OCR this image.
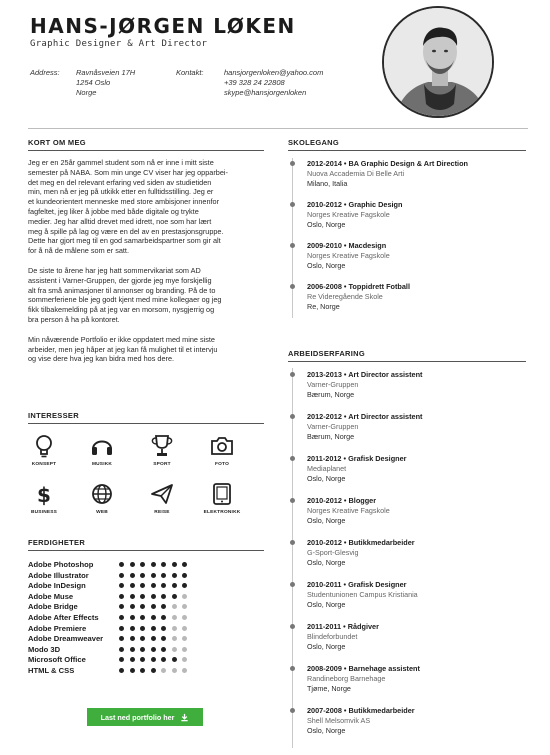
HANS-JØRGEN LØKEN
Graphic Designer & Art Director
Address: Ravnåsveien 17H
1254 Oslo
Norge
Kontakt:	hansjorgenloken@yahoo.com
+39 328 24 22808
skype@hansjorgenloken
KORT OM MEG
Jeg er en 25år gammel student som nå er inne i mitt siste
semester på NABA. Som min unge CV viser har jeg opparbei-
det meg en del relevant erfaring ved siden av studietiden
min, men nå er jeg på utkikk etter en fulltidsstilling. Jeg er
et kundeorientert menneske med store ambisjoner innenfor
fagfeltet, jeg liker å jobbe med både digitale og trykte
medier. Jeg har alltid drevet med idrett, noe som har lært
meg å spille på lag og være en del av en prestasjonsgruppe.
Dette har gjort meg til en god samarbeidspartner som gir alt
for å nå de målene som er satt.
De siste to årene har jeg hatt sommervikariat som AD
assistent i Varner-Gruppen, der gjorde jeg mye forskjellig
alt fra små animasjoner til annonser og branding. På de to
sommerferiene ble jeg godt kjent med mine kollegaer og jeg
fikk tilbakemelding på at jeg var en morsom, nysgjerrig og
bra person å ha på kontoret.
Min nåværende Portfolio er ikke oppdatert med mine siste
arbeider, men jeg håper at jeg kan få mulighet til et intervju
og vise dere hva jeg kan bidra med hos dere.
INTERESSER
KONSEPT	MUSIKK	SPORT	FOTO
$
BUSINESS	WEB	REISE	ELEKTRONIKK
FERDIGHETER
Adobe Photoshop
Adobe Illustrator
Adobe InDesign
Adobe Muse
Adobe Bridge
Adobe After Effects
Adobe Premiere
Adobe Dreamweaver
Modo 3D
Microsoft Office
HTML & CSS
Last ned portfolio her
SKOLEGANG
2012-2014 • BA Graphic Design & Art Direction
Nuova Accademia Di Belle Arti
Milano, Italia
2010-2012 • Graphic Design
Norges Kreative Fagskole
Oslo, Norge
2009-2010 • Macdesign
Norges Kreative Fagskole
Oslo, Norge
2006-2008 • Toppidrett Fotball
Re Videregående Skole
Re, Norge
ARBEIDSERFARING
2013-2013 • Art Director assistent
Varner-Gruppen
Bærum, Norge
2012-2012 • Art Director assistent
Varner-Gruppen
Bærum, Norge
2011-2012 • Grafisk Designer
Mediaplanet
Oslo, Norge
2010-2012 • Blogger
Norges Kreative Fagskole
Oslo, Norge
2010-2012 • Butikkmedarbeider
G-Sport-Glesvig
Oslo, Norge
2010-2011 • Grafisk Designer
Studentunionen Campus Kristiania
Oslo, Norge
2011-2011 • Rådgiver
Blindeforbundet
Oslo, Norge
2008-2009 • Barnehage assistent
Randineborg Barnehage
Tjøme, Norge
2007-2008 • Butikkmedarbeider
Shell Melsomvik AS
Oslo, Norge
